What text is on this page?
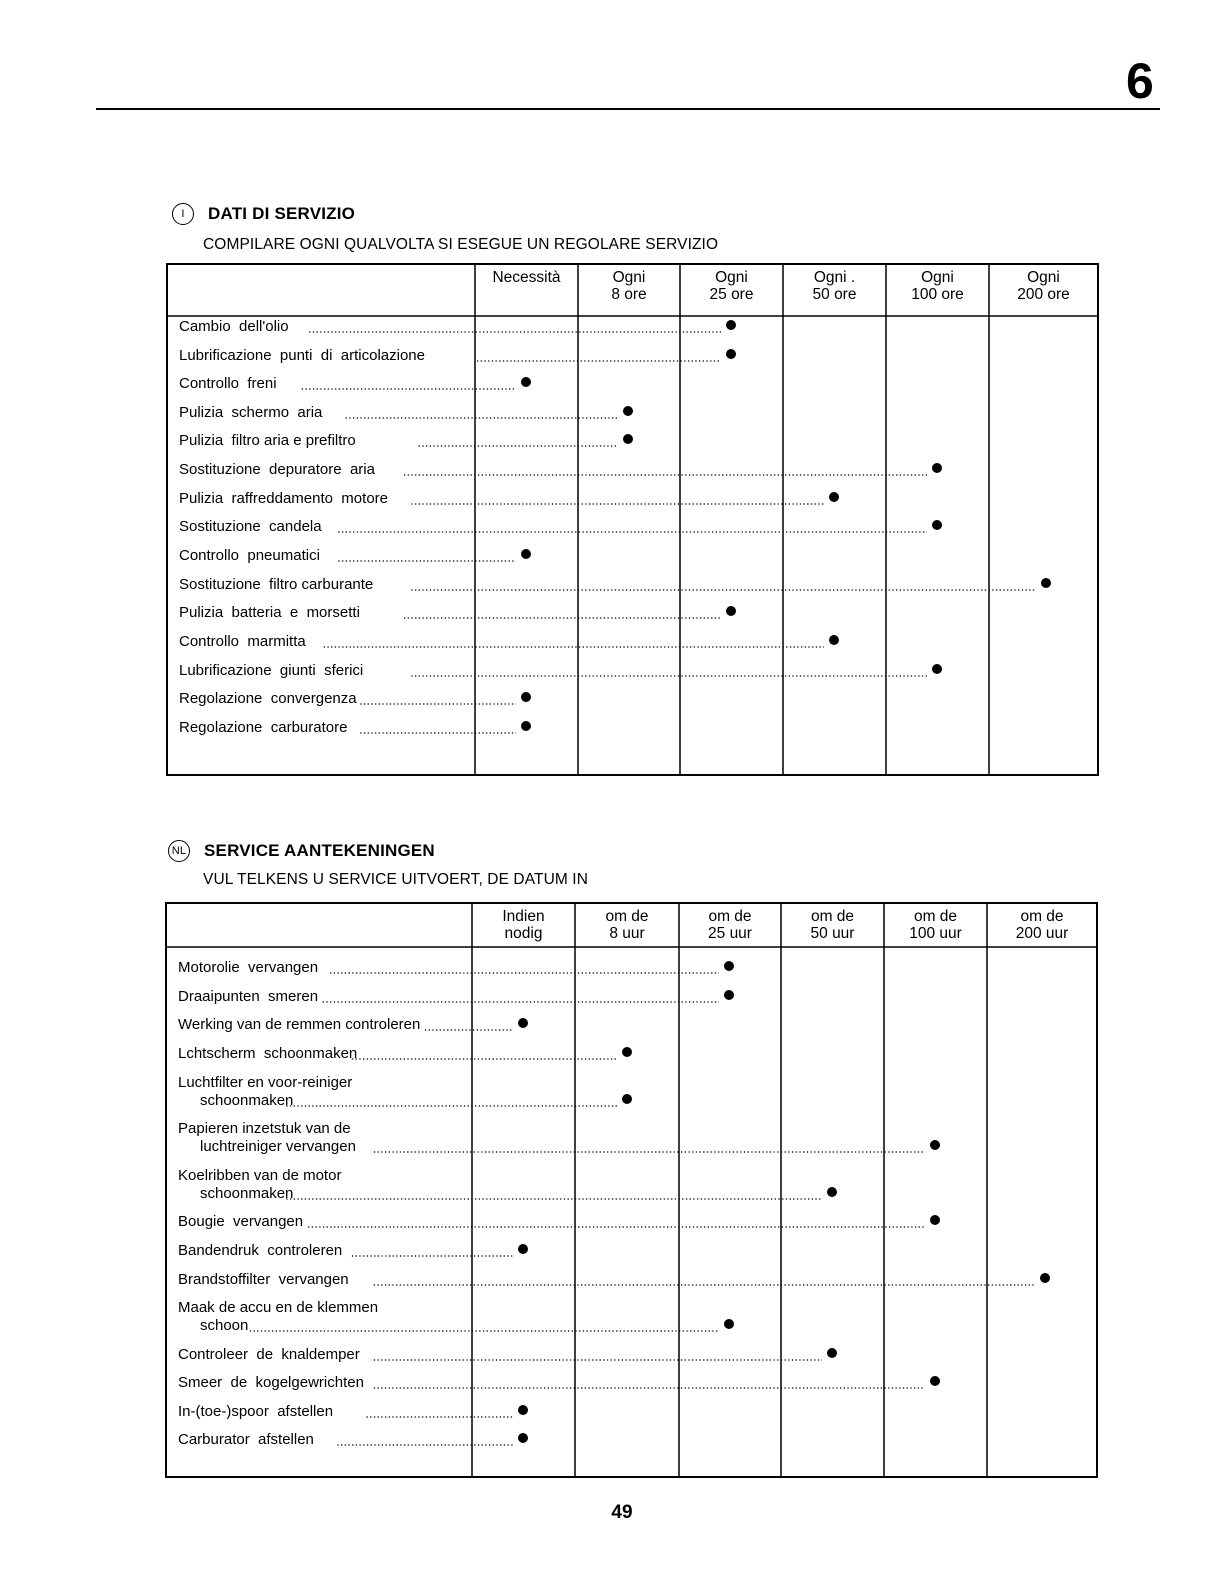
6
I	DATI DI SERVIZIO
COMPILARE OGNI QUALVOLTA SI ESEGUE UN REGOLARE SERVIZIO
Necessità	Ogni
8 ore
Ogni
25 ore
Ogni .
50 ore
Ogni
100 ore
Ogni
200 ore
Cambio  dell'olio
Lubrificazione  punti  di  articolazione
Controllo  freni
Pulizia  schermo  aria
Pulizia  filtro aria e prefiltro
Sostituzione  depuratore  aria
Pulizia  raffreddamento  motore
Sostituzione  candela
Controllo  pneumatici
Sostituzione  filtro carburante
Pulizia  batteria  e  morsetti
Controllo  marmitta
Lubrificazione  giunti  sferici
Regolazione  convergenza
Regolazione  carburatore
NL SERVICE AANTEKENINGEN
VUL TELKENS U SERVICE UITVOERT, DE DATUM IN
Indien
nodig
om de
8 uur
om de
25 uur
om de
50 uur
om de
100 uur
om de
200 uur
Motorolie  vervangen
Draaipunten  smeren
Werking van de remmen controleren
Lchtscherm  schoonmaken
Luchtfilter en voor-reiniger
schoonmaken
Papieren inzetstuk van de
luchtreiniger vervangen
Koelribben van de motor
schoonmaken
Bougie  vervangen
Bandendruk  controleren
Brandstoffilter  vervangen
Maak de accu en de klemmen
schoon
Controleer  de  knaldemper
Smeer  de  kogelgewrichten
In-(toe-)spoor  afstellen
Carburator  afstellen
49
